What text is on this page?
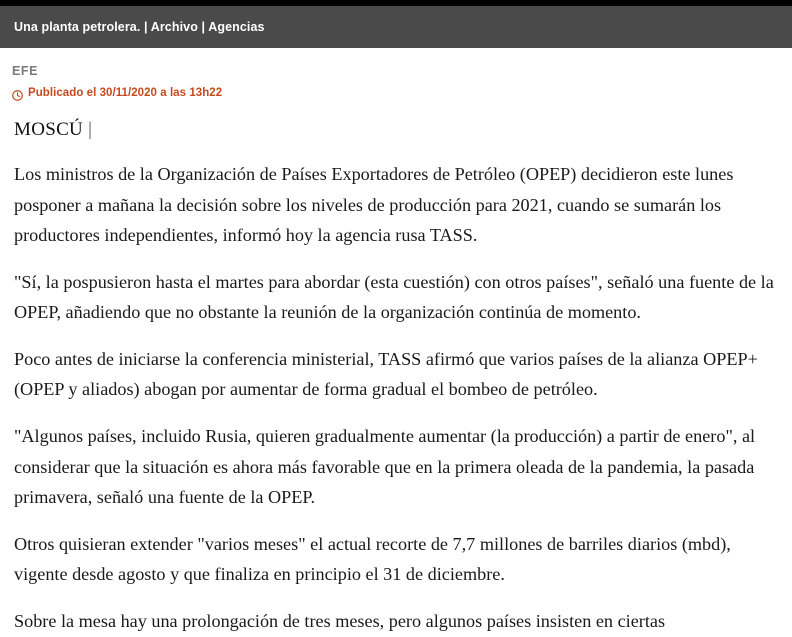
Una planta petrolera. | Archivo | Agencias
EFE
Publicado el 30/11/2020 a las 13h22
MOSCÚ |

Los ministros de la Organización de Países Exportadores de Petróleo (OPEP) decidieron este lunes posponer a mañana la decisión sobre los niveles de producción para 2021, cuando se sumarán los productores independientes, informó hoy la agencia rusa TASS.

"Sí, la pospusieron hasta el martes para abordar (esta cuestión) con otros países", señaló una fuente de la OPEP, añadiendo que no obstante la reunión de la organización continúa de momento.

Poco antes de iniciarse la conferencia ministerial, TASS afirmó que varios países de la alianza OPEP+ (OPEP y aliados) abogan por aumentar de forma gradual el bombeo de petróleo.

"Algunos países, incluido Rusia, quieren gradualmente aumentar (la producción) a partir de enero", al considerar que la situación es ahora más favorable que en la primera oleada de la pandemia, la pasada primavera, señaló una fuente de la OPEP.

Otros quisieran extender "varios meses" el actual recorte de 7,7 millones de barriles diarios (mbd), vigente desde agosto y que finaliza en principio el 31 de diciembre.

Sobre la mesa hay una prolongación de tres meses, pero algunos países insisten en ciertas
